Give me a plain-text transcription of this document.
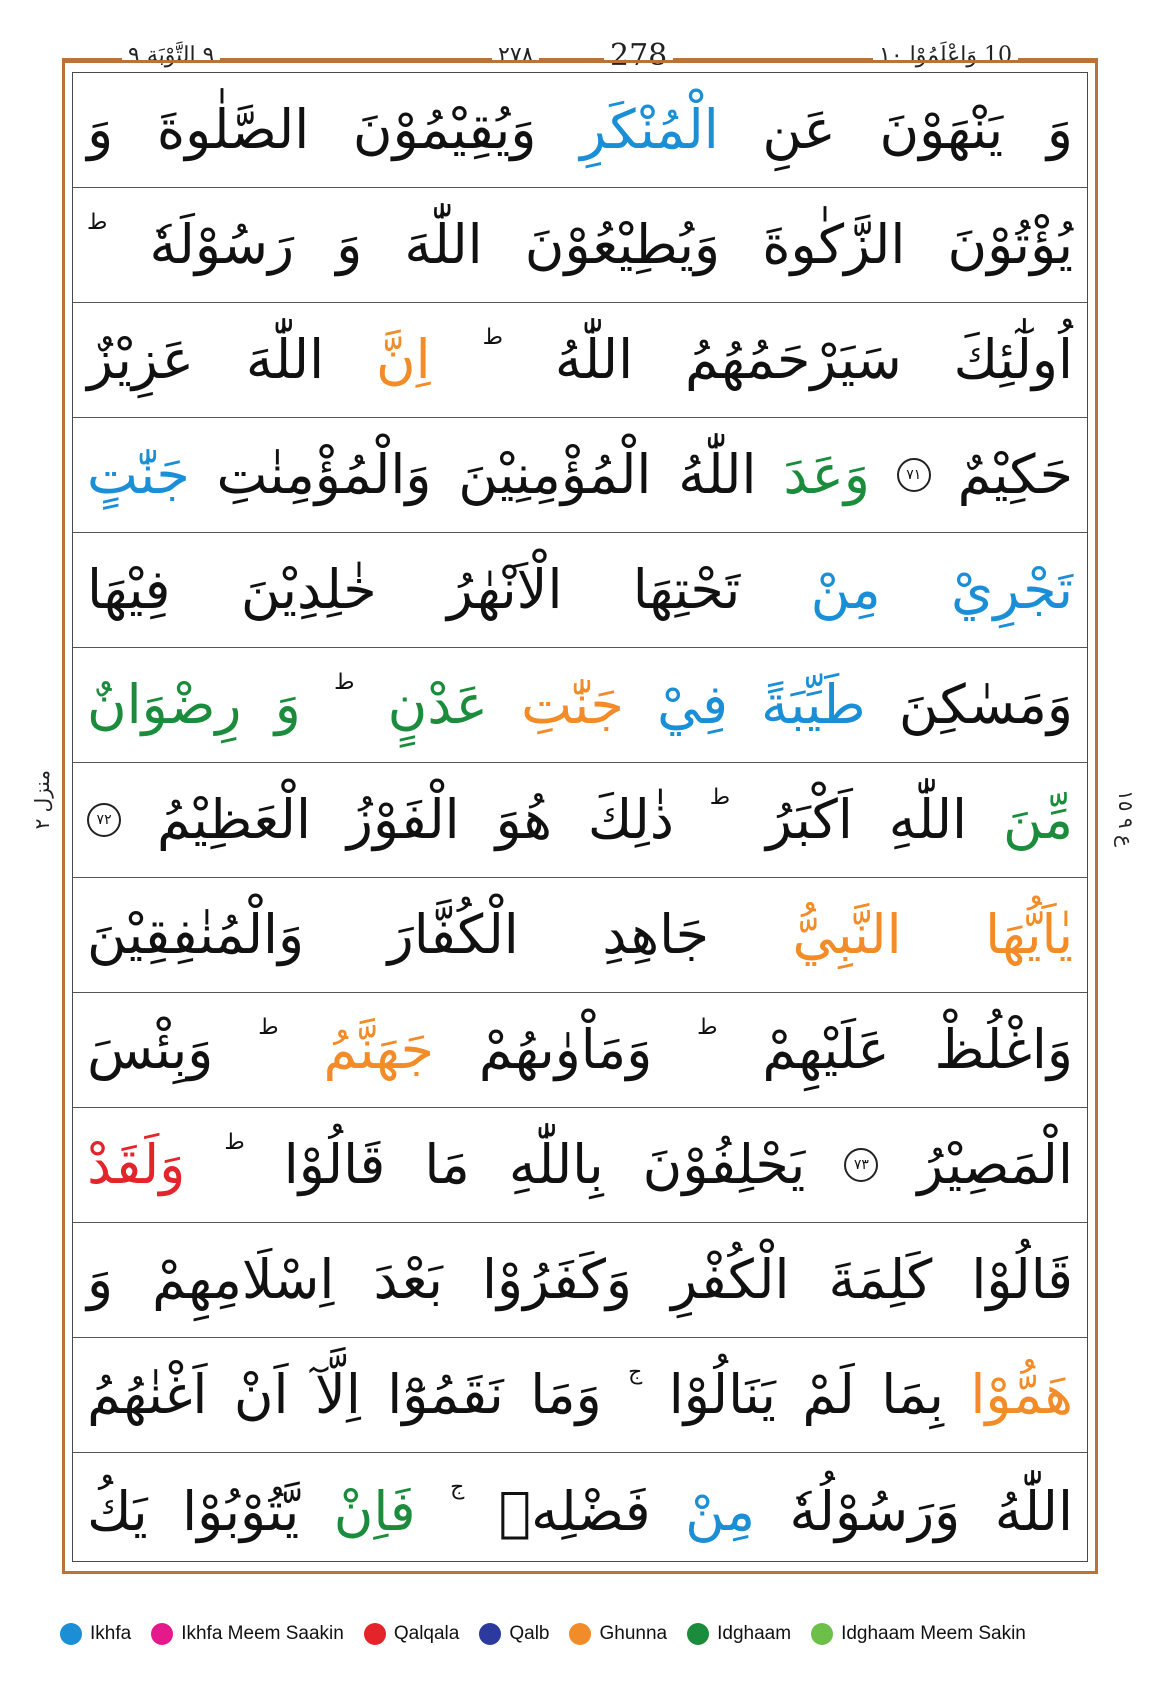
٩ التَّوْبَة ٩	٢٧٨	278	10 وَاعْلَمُوْا ١٠
منزل ٢	ع ٩ ١٥
وَ
يَنْهَوْنَ
عَنِ
الْمُنْكَرِ
وَيُقِيْمُوْنَ
الصَّلٰوةَ
وَ
يُؤْتُوْنَ
الزَّكٰوةَ
وَيُطِيْعُوْنَ
اللّٰهَ
وَ
رَسُوْلَهٗ
ط
اُولٰٓئِكَ
سَيَرْحَمُهُمُ
اللّٰهُ
ط
اِنَّ
اللّٰهَ
عَزِيْزٌ
حَكِيْمٌ
٧١
وَعَدَ
اللّٰهُ
الْمُؤْمِنِيْنَ
وَالْمُؤْمِنٰتِ
جَنّٰتٍ
تَجْرِيْ
مِنْ
تَحْتِهَا
الْاَنْهٰرُ
خٰلِدِيْنَ
فِيْهَا
وَمَسٰكِنَ
طَيِّبَةً
فِيْ
جَنّٰتِ
عَدْنٍ
ط
وَ
رِضْوَانٌ
مِّنَ
اللّٰهِ
اَكْبَرُ
ط
ذٰلِكَ
هُوَ
الْفَوْزُ
الْعَظِيْمُ
٧٢
يٰاَيُّهَا
النَّبِيُّ
جَاهِدِ
الْكُفَّارَ
وَالْمُنٰفِقِيْنَ
وَاغْلُظْ
عَلَيْهِمْ
ط
وَمَاْوٰىهُمْ
جَهَنَّمُ
ط
وَبِئْسَ
الْمَصِيْرُ
٧٣
يَحْلِفُوْنَ
بِاللّٰهِ
مَا
قَالُوْا
ط
وَلَقَدْ
قَالُوْا
كَلِمَةَ
الْكُفْرِ
وَكَفَرُوْا
بَعْدَ
اِسْلَامِهِمْ
وَ
هَمُّوْا
بِمَا
لَمْ
يَنَالُوْا
ج
وَمَا
نَقَمُوْٓا
اِلَّآ
اَنْ
اَغْنٰهُمُ
اللّٰهُ
وَرَسُوْلُهٗ
مِنْ
فَضْلِهٖ
ج
فَاِنْ
يَّتُوْبُوْا
يَكُ
Ikhfa	Ikhfa Meem Saakin	Qalqala	Qalb	Ghunna	Idghaam	Idghaam Meem Sakin
